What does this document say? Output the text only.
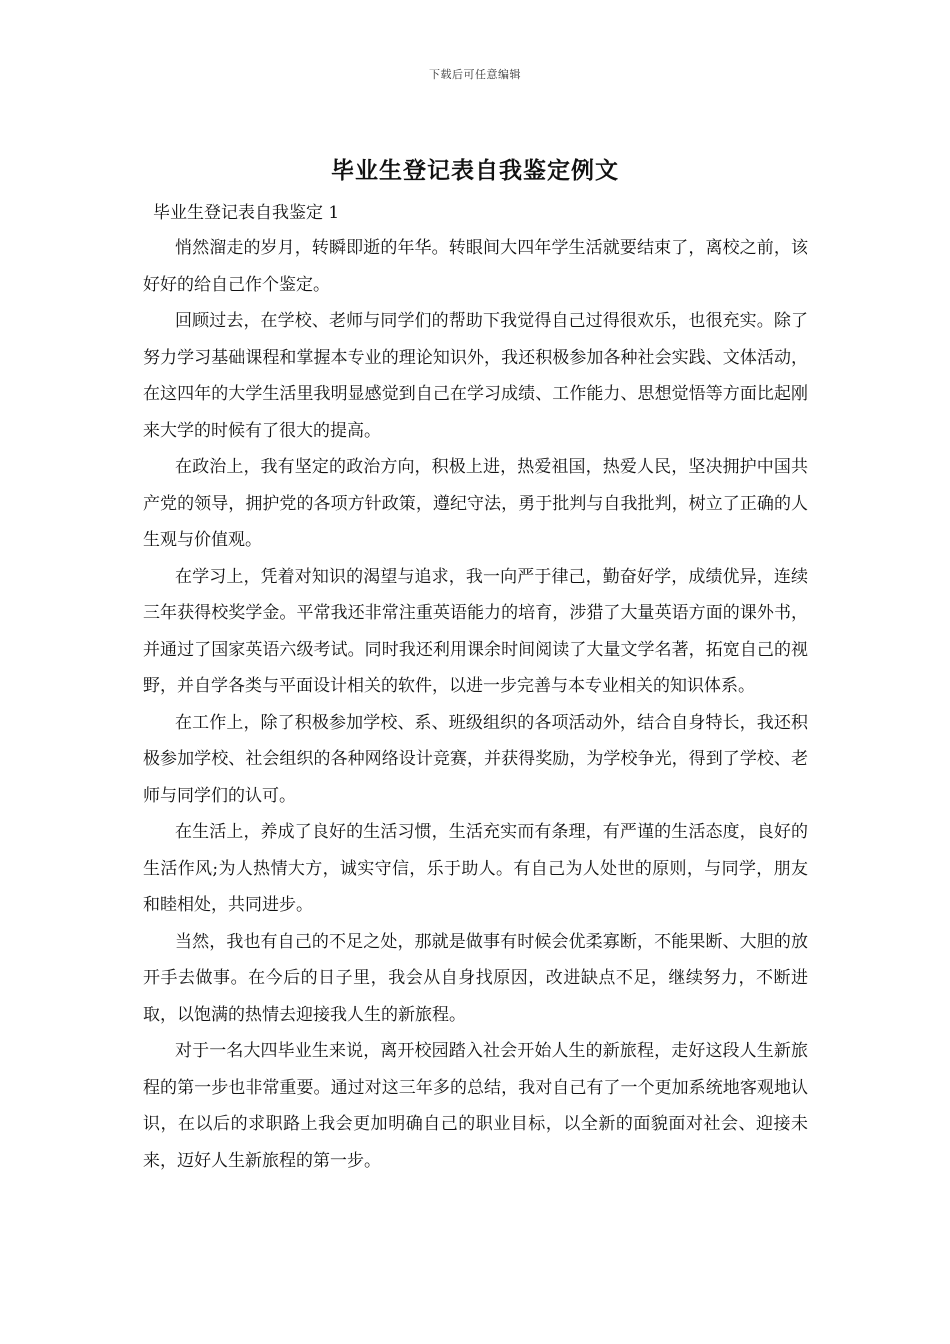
下载后可任意编辑
毕业生登记表自我鉴定例文

毕业生登记表自我鉴定 1

悄然溜走的岁月，转瞬即逝的年华。转眼间大四年学生活就要结束了，离校之前，该好好的给自己作个鉴定。

回顾过去，在学校、老师与同学们的帮助下我觉得自己过得很欢乐，也很充实。除了努力学习基础课程和掌握本专业的理论知识外，我还积极参加各种社会实践、文体活动，在这四年的大学生活里我明显感觉到自己在学习成绩、工作能力、思想觉悟等方面比起刚来大学的时候有了很大的提高。

在政治上，我有坚定的政治方向，积极上进，热爱祖国，热爱人民，坚决拥护中国共产党的领导，拥护党的各项方针政策，遵纪守法，勇于批判与自我批判，树立了正确的人生观与价值观。

在学习上，凭着对知识的渴望与追求，我一向严于律己，勤奋好学，成绩优异，连续三年获得校奖学金。平常我还非常注重英语能力的培育，涉猎了大量英语方面的课外书，并通过了国家英语六级考试。同时我还利用课余时间阅读了大量文学名著，拓宽自己的视野，并自学各类与平面设计相关的软件，以进一步完善与本专业相关的知识体系。

在工作上，除了积极参加学校、系、班级组织的各项活动外，结合自身特长，我还积极参加学校、社会组织的各种网络设计竞赛，并获得奖励，为学校争光，得到了学校、老师与同学们的认可。

在生活上，养成了良好的生活习惯，生活充实而有条理，有严谨的生活态度，良好的生活作风;为人热情大方，诚实守信，乐于助人。有自己为人处世的原则，与同学，朋友和睦相处，共同进步。

当然，我也有自己的不足之处，那就是做事有时候会优柔寡断，不能果断、大胆的放开手去做事。在今后的日子里，我会从自身找原因，改进缺点不足，继续努力，不断进取，以饱满的热情去迎接我人生的新旅程。

对于一名大四毕业生来说，离开校园踏入社会开始人生的新旅程，走好这段人生新旅程的第一步也非常重要。通过对这三年多的总结，我对自己有了一个更加系统地客观地认识，在以后的求职路上我会更加明确自己的职业目标，以全新的面貌面对社会、迎接未来，迈好人生新旅程的第一步。
